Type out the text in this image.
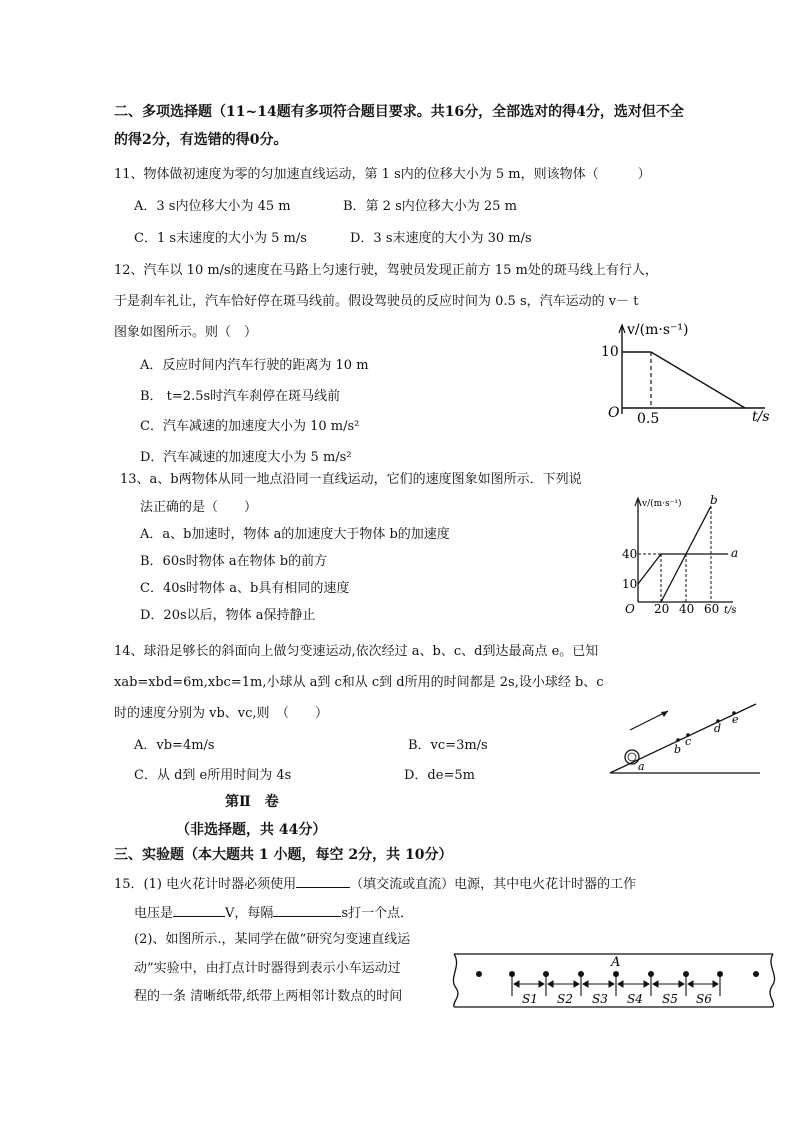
二、多项选择题（11~14题有多项符合题目要求。共16分，全部选对的得4分，选对但不全
的得2分，有选错的得0分。
11、物体做初速度为零的匀加速直线运动，第 1 s内的位移大小为 5 m，则该物体（　　　）
A．3 s内位移大小为 45 m	B．第 2 s内位移大小为 25 m
C．1 s末速度的大小为 5 m/s	D．3 s末速度的大小为 30 m/s
12、汽车以 10 m/s的速度在马路上匀速行驶，驾驶员发现正前方 15 m处的斑马线上有行人，
于是刹车礼让，汽车恰好停在斑马线前。假设驾驶员的反应时间为 0.5 s，汽车运动的 v－ t
图象如图所示。则（　）
A．反应时间内汽车行驶的距离为 10 m
B． t=2.5s时汽车刹停在斑马线前
C．汽车减速的加速度大小为 10 m/s²
D．汽车减速的加速度大小为 5 m/s²
v/(m·s⁻¹)
10
O 0.5	t/s
13、a、b两物体从同一地点沿同一直线运动，它们的速度图象如图所示．下列说
法正确的是（　　）
A．a、b加速时，物体 a的加速度大于物体 b的加速度
B．60s时物体 a在物体 b的前方
C．40s时物体 a、b具有相同的速度
D．20s以后，物体 a保持静止
v/(m·s⁻¹)
40
10
O 20 40 60 t/s
a
b
14、球沿足够长的斜面向上做匀变速运动,依次经过 a、b、c、d到达最高点 e。已知
xab=xbd=6m,xbc=1m,小球从 a到 c和从 c到 d所用的时间都是 2s,设小球经 b、c
时的速度分别为 vb、vc,则　（　　）
A．vb=4m/s	B．vc=3m/s
C．从 d到 e所用时间为 4s	D．de=5m
a
b
c
d
e
第Ⅱ　卷
（非选择题，共 44分）
三、实验题（本大题共 1 小题，每空 2分，共 10分）
15．(1) 电火花计时器必须使用	（填交流或直流）电源，其中电火花计时器的工作
电压是	V，每隔	s打一个点．
(2)、如图所示.，某同学在做“研究匀变速直线运
动”实验中，由打点计时器得到表示小车运动过
程的一条 清晰纸带,纸带上两相邻计数点的时间
A
S1 S2 S3 S4 S5 S6
